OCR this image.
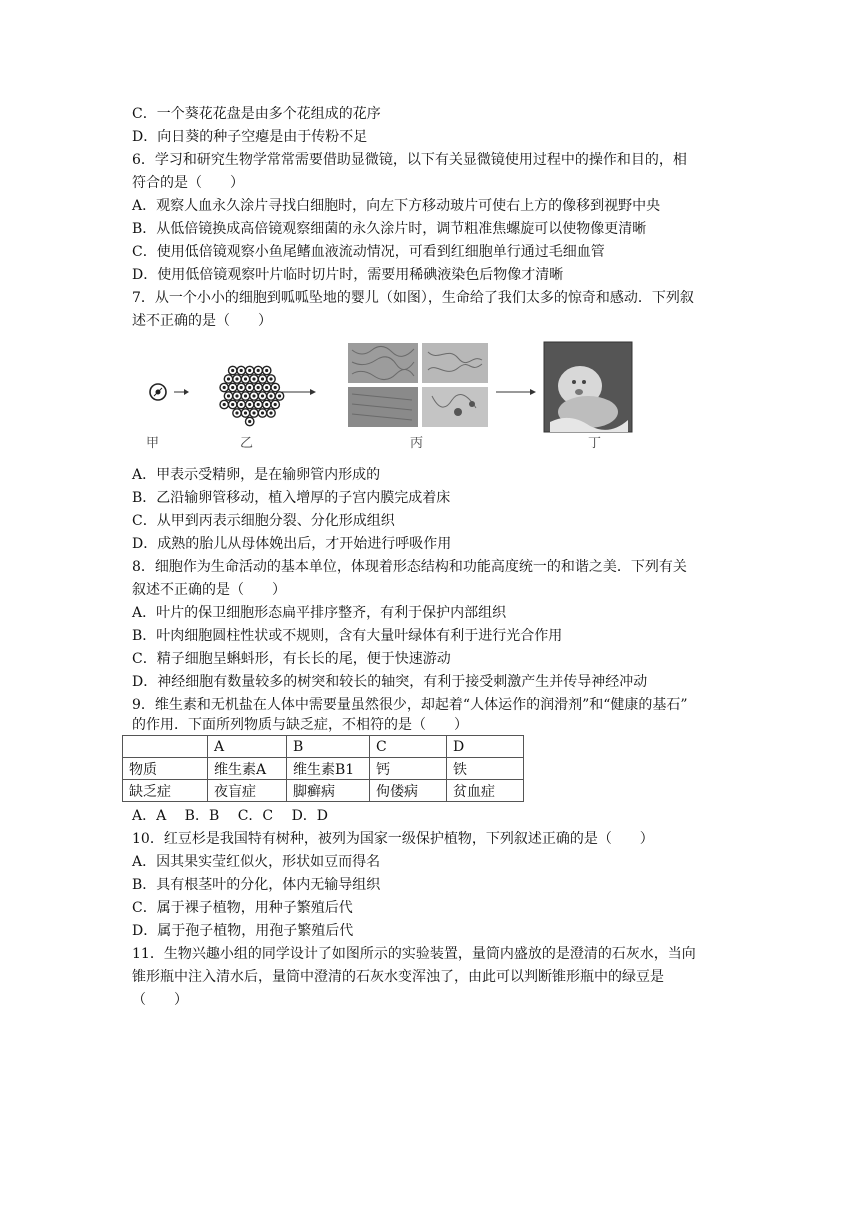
C．一个葵花花盘是由多个花组成的花序
D．向日葵的种子空瘪是由于传粉不足
6．学习和研究生物学常常需要借助显微镜，以下有关显微镜使用过程中的操作和目的，相
符合的是（　　）
A．观察人血永久涂片寻找白细胞时，向左下方移动玻片可使右上方的像移到视野中央
B．从低倍镜换成高倍镜观察细菌的永久涂片时，调节粗准焦螺旋可以使物像更清晰
C．使用低倍镜观察小鱼尾鳍血液流动情况，可看到红细胞单行通过毛细血管
D．使用低倍镜观察叶片临时切片时，需要用稀碘液染色后物像才清晰
7．从一个小小的细胞到呱呱坠地的婴儿（如图），生命给了我们太多的惊奇和感动．下列叙
述不正确的是（　　）
甲	乙	丙	丁
A．甲表示受精卵，是在输卵管内形成的
B．乙沿输卵管移动，植入增厚的子宫内膜完成着床
C．从甲到丙表示细胞分裂、分化形成组织
D．成熟的胎儿从母体娩出后，才开始进行呼吸作用
8．细胞作为生命活动的基本单位，体现着形态结构和功能高度统一的和谐之美．下列有关
叙述不正确的是（　　）
A．叶片的保卫细胞形态扁平排序整齐，有利于保护内部组织
B．叶肉细胞圆柱性状或不规则，含有大量叶绿体有利于进行光合作用
C．精子细胞呈蝌蚪形，有长长的尾，便于快速游动
D．神经细胞有数量较多的树突和较长的轴突，有利于接受刺激产生并传导神经冲动
9．维生素和无机盐在人体中需要量虽然很少，却起着“人体运作的润滑剂”和“健康的基石”
的作用．下面所列物质与缺乏症，不相符的是（　　）
	A	B	C	D
物质	维生素A	维生素B1	钙	铁
缺乏症	夜盲症	脚癣病	佝偻病	贫血症
A．A　 B．B　 C．C　 D．D
10．红豆杉是我国特有树种，被列为国家一级保护植物，下列叙述正确的是（　　）
A．因其果实莹红似火，形状如豆而得名
B．具有根茎叶的分化，体内无输导组织
C．属于裸子植物，用种子繁殖后代
D．属于孢子植物，用孢子繁殖后代
11．生物兴趣小组的同学设计了如图所示的实验装置，量筒内盛放的是澄清的石灰水，当向
锥形瓶中注入清水后，量筒中澄清的石灰水变浑浊了，由此可以判断锥形瓶中的绿豆是
（　　）
